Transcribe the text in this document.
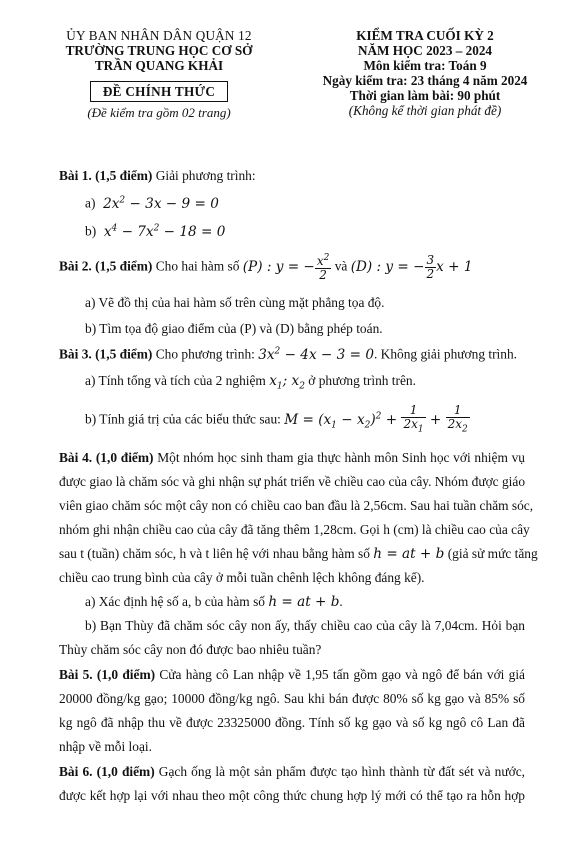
ỦY BAN NHÂN DÂN QUẬN 12
TRƯỜNG TRUNG HỌC CƠ SỞ
TRẦN QUANG KHẢI
ĐỀ CHÍNH THỨC
(Đề kiểm tra gồm 02 trang)
KIỂM TRA CUỐI KỲ 2
NĂM HỌC 2023 – 2024
Môn kiểm tra: Toán 9
Ngày kiểm tra: 23 tháng 4 năm 2024
Thời gian làm bài: 90 phút
(Không kể thời gian phát đề)
Bài 1. (1,5 điểm) Giải phương trình:
a)  $2x^2 - 3x - 9 = 0$
b)  $x^4 - 7x^2 - 18 = 0$
Bài 2. (1,5 điểm) Cho hai hàm số (P) : y = − $\frac{x^2}{2}$ và (D) : y = − $\frac{3}{2}$ x + 1
a) Vẽ đồ thị của hai hàm số trên cùng mặt phẳng tọa độ.
b) Tìm tọa độ giao điểm của (P) và (D) bằng phép toán.
Bài 3. (1,5 điểm) Cho phương trình: $3x^2 - 4x - 3 = 0$. Không giải phương trình.
a) Tính tổng và tích của 2 nghiệm $x_1$; $x_2$ ở phương trình trên.
b) Tính giá trị của các biểu thức sau: $M = (x_1 - x_2)^2 + \frac{1}{2x_1} + \frac{1}{2x_2}$
Bài 4. (1,0 điểm) Một nhóm học sinh tham gia thực hành môn Sinh học với nhiệm vụ
được giao là chăm sóc và ghi nhận sự phát triển về chiều cao của cây. Nhóm được giáo
viên giao chăm sóc một cây non có chiều cao ban đầu là 2,56cm. Sau hai tuần chăm sóc,
nhóm ghi nhận chiều cao của cây đã tăng thêm 1,28cm. Gọi h (cm) là chiều cao của cây
sau t (tuần) chăm sóc, h và t liên hệ với nhau bằng hàm số h = at + b (giả sử mức tăng
chiều cao trung bình của cây ở mỗi tuần chênh lệch không đáng kể).
a) Xác định hệ số a, b của hàm số h = at + b.
b) Bạn Thùy đã chăm sóc cây non ấy, thấy chiều cao của cây là 7,04cm. Hỏi bạn
Thùy chăm sóc cây non đó được bao nhiêu tuần?
Bài 5. (1,0 điểm) Cửa hàng cô Lan nhập về 1,95 tấn gồm gạo và ngô để bán với giá
20000 đồng/kg gạo; 10000 đồng/kg ngô. Sau khi bán được 80% số kg gạo và 85% số
kg ngô đã nhập thu về được 23325000 đồng. Tính số kg gạo và số kg ngô cô Lan đã
nhập về mỗi loại.
Bài 6. (1,0 điểm) Gạch ống là một sản phẩm được tạo hình thành từ đất sét và nước,
được kết hợp lại với nhau theo một công thức chung hợp lý mới có thể tạo ra hỗn hợp
